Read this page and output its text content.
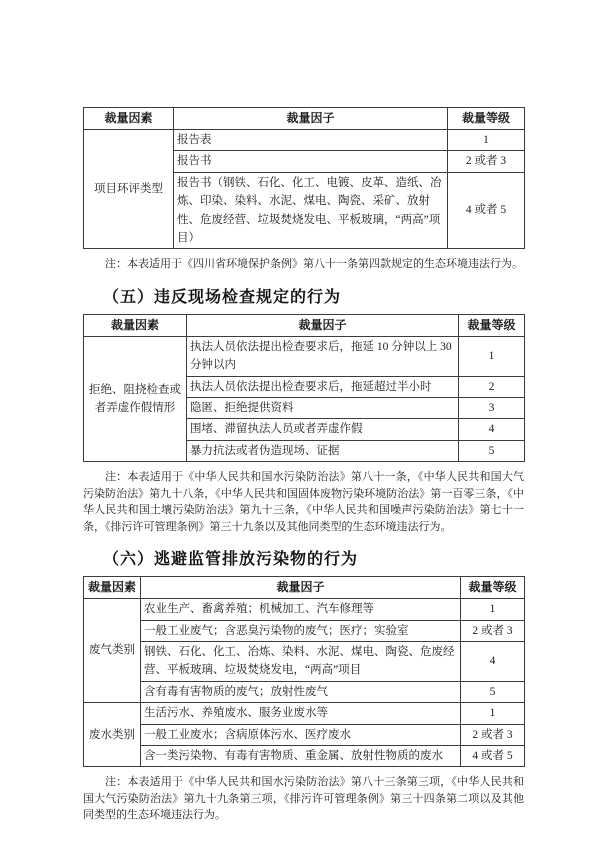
裁量因素	裁量因子	裁量等级
项目环评类型	报告表	1
	报告书	2 或者 3
	报告书（钢铁、石化、化工、电镀、皮革、造纸、冶炼、印染、染料、水泥、煤电、陶瓷、采矿、放射性、危废经营、垃圾焚烧发电、平板玻璃，“两高”项目）	4 或者 5

注：本表适用于《四川省环境保护条例》第八十一条第四款规定的生态环境违法行为。

（五）违反现场检查规定的行为
裁量因素	裁量因子	裁量等级
拒绝、阻挠检查或者弄虚作假情形	执法人员依法提出检查要求后，拖延 10 分钟以上 30 分钟以内	1
	执法人员依法提出检查要求后，拖延超过半小时	2
	隐匿、拒绝提供资料	3
	围堵、滞留执法人员或者弄虚作假	4
	暴力抗法或者伪造现场、证据	5

注：本表适用于《中华人民共和国水污染防治法》第八十一条，《中华人民共和国大气污染防治法》第九十八条，《中华人民共和国固体废物污染环境防治法》第一百零三条，《中华人民共和国土壤污染防治法》第九十三条，《中华人民共和国噪声污染防治法》第七十一条，《排污许可管理条例》第三十九条以及其他同类型的生态环境违法行为。

（六）逃避监管排放污染物的行为
裁量因素	裁量因子	裁量等级
废气类别	农业生产、畜禽养殖；机械加工、汽车修理等	1
	一般工业废气；含恶臭污染物的废气；医疗；实验室	2 或者 3
	钢铁、石化、化工、冶炼、染料、水泥、煤电、陶瓷、危废经营、平板玻璃、垃圾焚烧发电，“两高”项目	4
	含有毒有害物质的废气；放射性废气	5
废水类别	生活污水、养殖废水、服务业废水等	1
	一般工业废水；含病原体污水、医疗废水	2 或者 3
	含一类污染物、有毒有害物质、重金属、放射性物质的废水	4 或者 5

注：本表适用于《中华人民共和国水污染防治法》第八十三条第三项，《中华人民共和国大气污染防治法》第九十九条第三项，《排污许可管理条例》第三十四条第二项以及其他同类型的生态环境违法行为。
